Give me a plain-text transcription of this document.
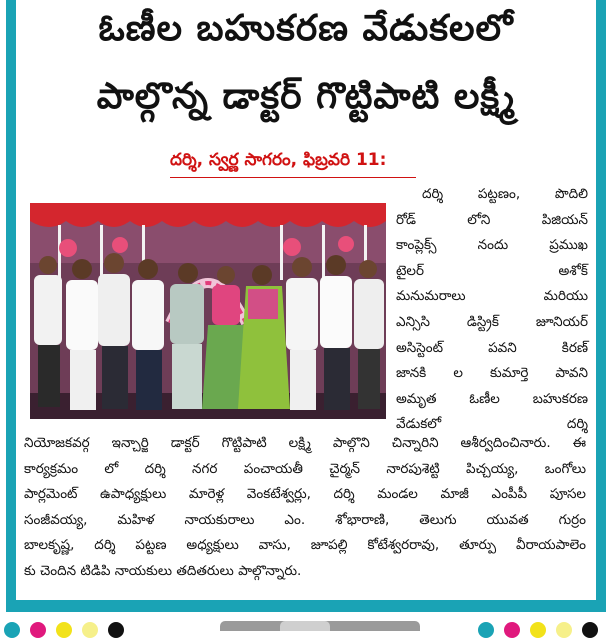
ఓణీల బహుకరణ వేడుకలలో
పాల్గొన్న డాక్టర్ గొట్టిపాటి లక్ష్మీ
దర్శి, స్వర్ణ సాగరం, ఫిబ్రవరి 11:
దర్శి పట్టణం, పొదిలి
రోడ్ లోని పిజియన్
కాంప్లెక్స్ నందు ప్రముఖ
టైలర్ అశోక్
మనుమరాలు మరియు
ఎన్సిసి డిస్ట్రిక్ జూనియర్
అసిస్టెంట్ పవని కిరణ్
జానకి ల కుమార్తె పావని
అమృత ఓణీల బహుకరణ
వేడుకలో దర్శి
నియోజకవర్గ ఇన్చార్జి డాక్టర్ గొట్టిపాటి లక్ష్మి పాల్గొని చిన్నారిని ఆశీర్వదించినారు. ఈ
కార్యక్రమం లో దర్శి నగర పంచాయతీ చైర్మన్ నారపుశెట్టి పిచ్చయ్య, ఒంగోలు
పార్లమెంట్ ఉపాధ్యక్షులు మారెళ్ల వెంకటేశ్వర్లు, దర్శి మండల మాజీ ఎంపీపీ పూసల
సంజీవయ్య, మహిళ నాయకురాలు ఎం. శోభారాణి, తెలుగు యువత గుర్రం
బాలకృష్ణ, దర్శి పట్టణ అధ్యక్షులు వాసు, జూపల్లి కోటేశ్వరరావు, తూర్పు వీరాయపాలెం
కు చెందిన టిడిపి నాయకులు తదితరులు పాల్గొన్నారు.
